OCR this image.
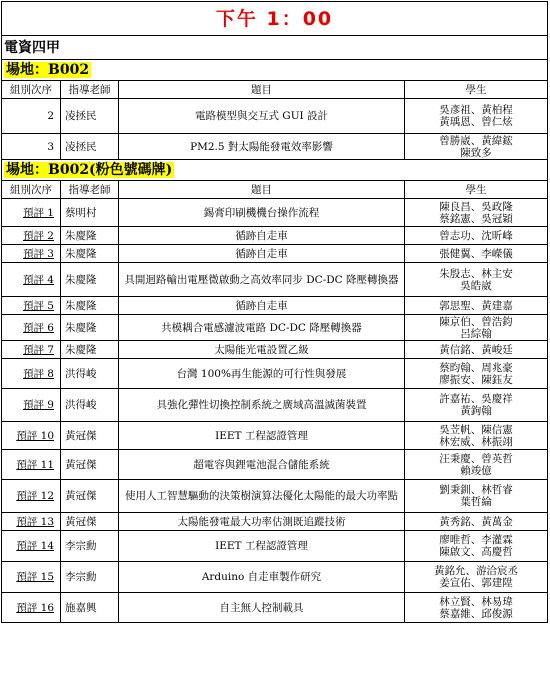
下午 1：00			
電資四甲			
場地：B002			
組別次序	指導老師	題目	學生
2	凌拯民	電路模型與交互式 GUI 設計	吳彥祖、黃柏程
黃瑀恩、曾仁炫

3	凌拯民	PM2.5 對太陽能發電效率影響	曾勝崴、黃緯鋐
陳致多

場地：B002(粉色號碼牌)			
組別次序	指導老師	題目	學生
預評 1	蔡明村	錫膏印刷機機台操作流程	陳良昌、吳政隆
蔡銘憲、吳冠穎

預評 2	朱慶隆	循跡自走車	曾志功、沈昕峰

預評 3	朱慶隆	循跡自走車	張健翼、李嶸儀

預評 4	朱慶隆	具開迴路輸出電壓微啟動之高效率同步 DC-DC 降壓轉換器	朱殷志、林主安
吳皓崴

預評 5	朱慶隆	循跡自走車	郭思聖、黃建嘉

預評 6	朱慶隆	共模耦合電感濾波電路 DC-DC 降壓轉換器	陳京伯、曾浩鈞
呂綜翰

預評 7	朱慶隆	太陽能光電設置乙級	黃信銘、黃峻廷

預評 8	洪得峻	台灣 100%再生能源的可行性與發展	蔡昀翰、周兆豪
廖振安、陳鈺友

預評 9	洪得峻	具強化彈性切換控制系統之廣域高溫滅菌裝置	許嘉祐、吳慶祥
黃鉤翰

預評 10	黃冠傑	IEET 工程認證管理	吳苙帆、陳信憲
林宏威、林振翊

預評 11	黃冠傑	超電容與鋰電池混合儲能系統	汪秉慶、曾英哲
賴竣億

預評 12	黃冠傑	使用人工智慧驅動的決策樹演算法優化太陽能的最大功率點	劉秉釧、林哲睿
葉哲綸

預評 13	黃冠傑	太陽能發電最大功率估測既追蹤技術	黃秀銘、黃萬金

預評 14	李宗勳	IEET 工程認證管理	廖唯哲、李灌霖
陳啟文、高慶哲

預評 15	李宗勳	Arduino 自走車製作研究	黃銘允、游洽宸丞
姜宣佑、郭建陞

預評 16	施嘉興	自主無人控制載具	林立賢、林易瑋
蔡嘉維、邱俊源
